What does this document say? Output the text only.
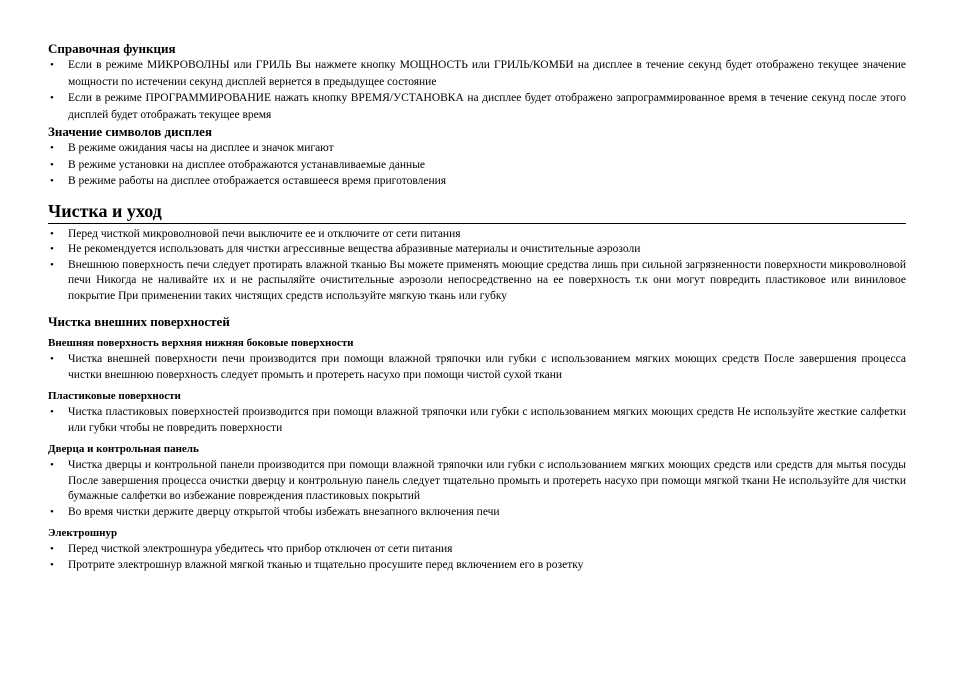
Справочная функция
• Если в режиме МИКРОВОЛНЫ или ГРИЛЬ Вы нажмете кнопку МОЩНОСТЬ или ГРИЛЬ/КОМБИ на дисплее в течение секунд будет отображено текущее значение мощности по истечении секунд дисплей вернется в предыдущее состояние
• Если в режиме ПРОГРАММИРОВАНИЕ нажать кнопку ВРЕМЯ/УСТАНОВКА на дисплее будет отображено запрограммированное время в течение секунд после этого дисплей будет отображать текущее время
Значение символов дисплея
• В режиме ожидания часы на дисплее и значок мигают
• В режиме установки на дисплее отображаются устанавливаемые данные
• В режиме работы на дисплее отображается оставшееся время приготовления
Чистка и уход
• Перед чисткой микроволновой печи выключите ее и отключите от сети питания
• Не рекомендуется использовать для чистки агрессивные вещества абразивные материалы и очистительные аэрозоли
• Внешнюю поверхность печи следует протирать влажной тканью Вы можете применять моющие средства лишь при сильной загрязненности поверхности микроволновой печи Никогда не наливайте их и не распыляйте очистительные аэрозоли непосредственно на ее поверхность т.к они могут повредить пластиковое или виниловое покрытие При применении таких чистящих средств используйте мягкую ткань или губку
Чистка внешних поверхностей
Внешняя поверхность верхняя нижняя боковые поверхности
• Чистка внешней поверхности печи производится при помощи влажной тряпочки или губки с использованием мягких моющих средств После завершения процесса чистки внешнюю поверхность следует промыть и протереть насухо при помощи чистой сухой ткани
Пластиковые поверхности
• Чистка пластиковых поверхностей производится при помощи влажной тряпочки или губки с использованием мягких моющих средств Не используйте жесткие салфетки или губки чтобы не повредить поверхности
Дверца и контрольная панель
• Чистка дверцы и контрольной панели производится при помощи влажной тряпочки или губки с использованием мягких моющих средств или средств для мытья посуды После завершения процесса очистки дверцу и контрольную панель следует тщательно промыть и протереть насухо при помощи мягкой ткани Не используйте для чистки бумажные салфетки во избежание повреждения пластиковых покрытий
• Во время чистки держите дверцу открытой чтобы избежать внезапного включения печи
Электрошнур
• Перед чисткой электрошнура убедитесь что прибор отключен от сети питания
• Протрите электрошнур влажной мягкой тканью и тщательно просушите перед включением его в розетку
